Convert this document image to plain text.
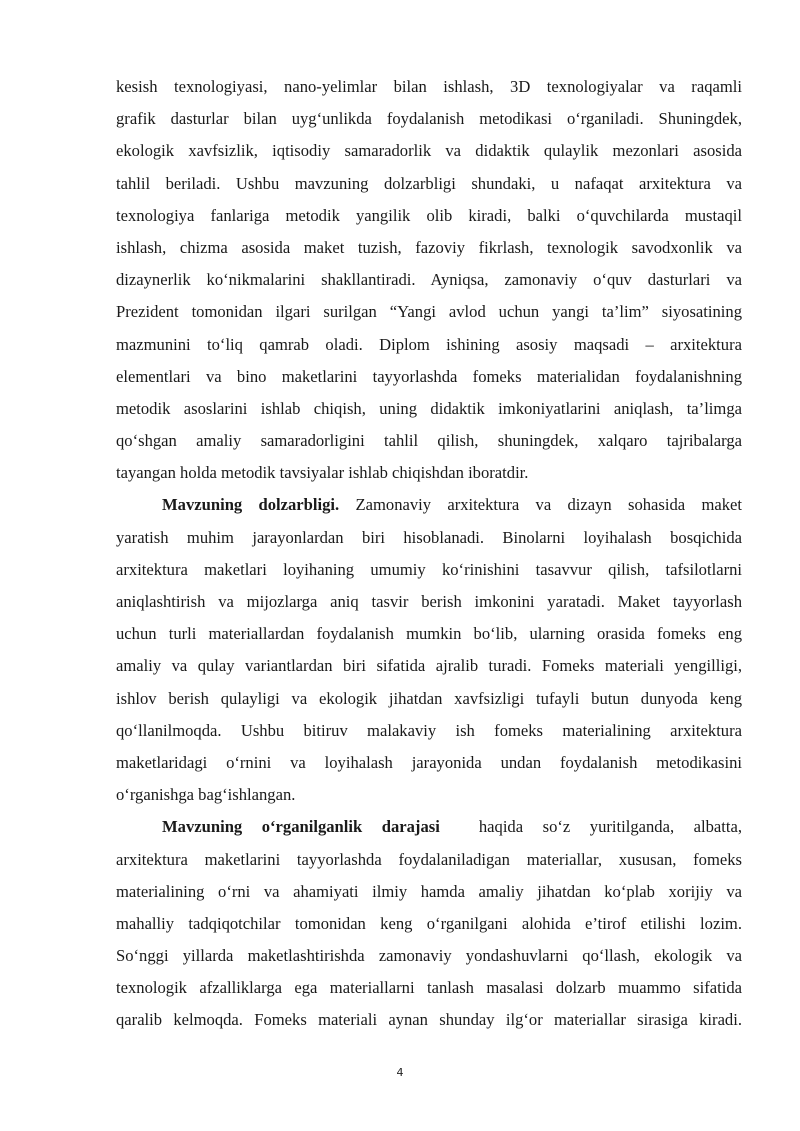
kesish texnologiyasi, nano-yelimlar bilan ishlash, 3D texnologiyalar va raqamli
grafik dasturlar bilan uyg‘unlikda foydalanish metodikasi o‘rganiladi. Shuningdek,
ekologik xavfsizlik, iqtisodiy samaradorlik va didaktik qulaylik mezonlari asosida
tahlil beriladi. Ushbu mavzuning dolzarbligi shundaki, u nafaqat arxitektura va
texnologiya fanlariga metodik yangilik olib kiradi, balki o‘quvchilarda mustaqil
ishlash, chizma asosida maket tuzish, fazoviy fikrlash, texnologik savodxonlik va
dizaynerlik ko‘nikmalarini shakllantiradi. Ayniqsa, zamonaviy o‘quv dasturlari va
Prezident tomonidan ilgari surilgan “Yangi avlod uchun yangi ta’lim” siyosatining
mazmunini to‘liq qamrab oladi. Diplom ishining asosiy maqsadi – arxitektura
elementlari va bino maketlarini tayyorlashda fomeks materialidan foydalanishning
metodik asoslarini ishlab chiqish, uning didaktik imkoniyatlarini aniqlash, ta’limga
qo‘shgan amaliy samaradorligini tahlil qilish, shuningdek, xalqaro tajribalarga
tayangan holda metodik tavsiyalar ishlab chiqishdan iboratdir.
Mavzuning dolzarbligi. Zamonaviy arxitektura va dizayn sohasida maket
yaratish muhim jarayonlardan biri hisoblanadi. Binolarni loyihalash bosqichida
arxitektura maketlari loyihaning umumiy ko‘rinishini tasavvur qilish, tafsilotlarni
aniqlashtirish va mijozlarga aniq tasvir berish imkonini yaratadi. Maket tayyorlash
uchun turli materiallardan foydalanish mumkin bo‘lib, ularning orasida fomeks eng
amaliy va qulay variantlardan biri sifatida ajralib turadi. Fomeks materiali yengilligi,
ishlov berish qulayligi va ekologik jihatdan xavfsizligi tufayli butun dunyoda keng
qo‘llanilmoqda. Ushbu bitiruv malakaviy ish fomeks materialining arxitektura
maketlaridagi o‘rnini va loyihalash jarayonida undan foydalanish metodikasini
o‘rganishga bag‘ishlangan.
Mavzuning o‘rganilganlik darajasi  haqida so‘z yuritilganda, albatta,
arxitektura maketlarini tayyorlashda foydalaniladigan materiallar, xususan, fomeks
materialining o‘rni va ahamiyati ilmiy hamda amaliy jihatdan ko‘plab xorijiy va
mahalliy tadqiqotchilar tomonidan keng o‘rganilgani alohida e’tirof etilishi lozim.
So‘nggi yillarda maketlashtirishda zamonaviy yondashuvlarni qo‘llash, ekologik va
texnologik afzalliklarga ega materiallarni tanlash masalasi dolzarb muammo sifatida
qaralib kelmoqda. Fomeks materiali aynan shunday ilg‘or materiallar sirasiga kiradi.
4
